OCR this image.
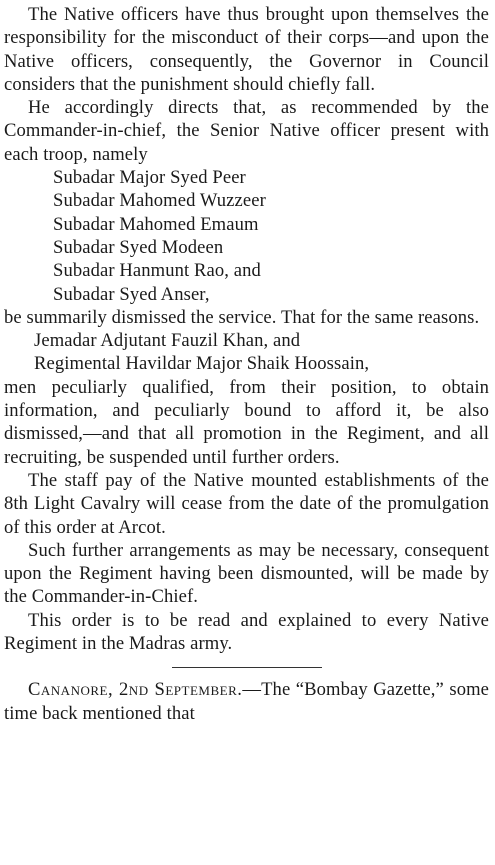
The Native officers have thus brought upon themselves the responsibility for the misconduct of their corps—and upon the Native officers, consequently, the Governor in Council considers that the punishment should chiefly fall.

He accordingly directs that, as recommended by the Commander-in-chief, the Senior Native officer present with each troop, namely

Subadar Major Syed Peer
Subadar Mahomed Wuzzeer
Subadar Mahomed Emaum
Subadar Syed Modeen
Subadar Hanmunt Rao, and
Subadar Syed Anser,

be summarily dismissed the service. That for the same reasons.

Jemadar Adjutant Fauzil Khan, and

Regimental Havildar Major Shaik Hoossain,

men peculiarly qualified, from their position, to obtain information, and peculiarly bound to afford it, be also dismissed,—and that all promotion in the Regiment, and all recruiting, be suspended until further orders.

The staff pay of the Native mounted establishments of the 8th Light Cavalry will cease from the date of the promulgation of this order at Arcot.

Such further arrangements as may be necessary, consequent upon the Regiment having been dismounted, will be made by the Commander-in-Chief.

This order is to be read and explained to every Native Regiment in the Madras army.

Cananore, 2nd September.—The “Bombay Gazette,” some time back mentioned that
